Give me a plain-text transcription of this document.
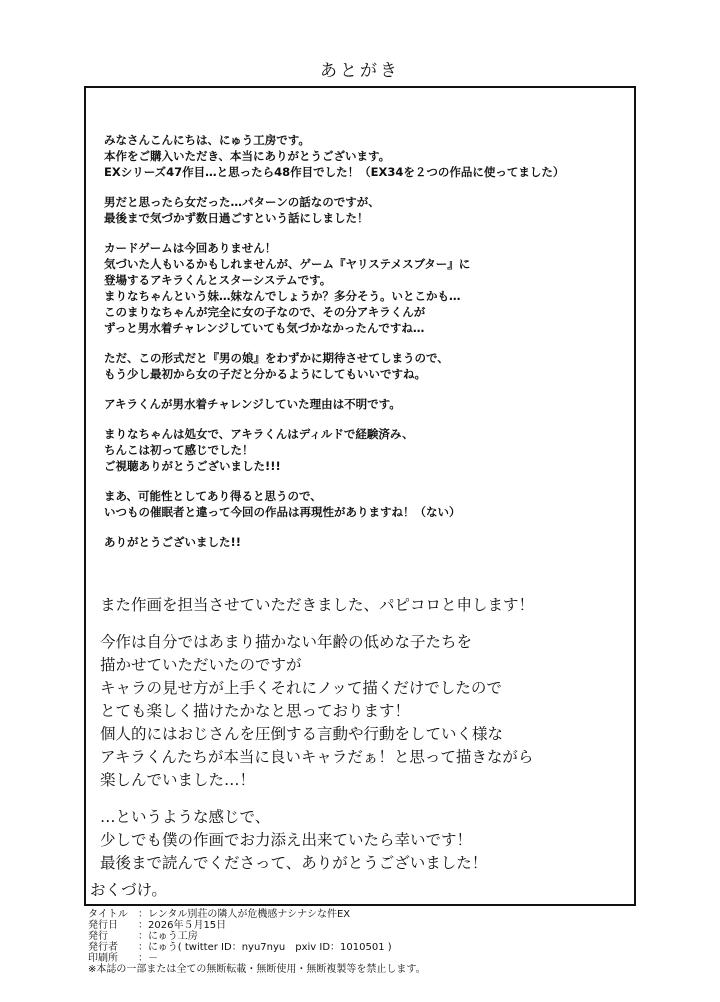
あとがき
みなさんこんにちは、にゅう工房です。
本作をご購入いただき、本当にありがとうございます。
EXシリーズ47作目…と思ったら48作目でした！（EX34を２つの作品に使ってました）
男だと思ったら女だった…パターンの話なのですが、
最後まで気づかず数日過ごすという話にしました！
カードゲームは今回ありません！
気づいた人もいるかもしれませんが、ゲーム『ヤリステメスブター』に
登場するアキラくんとスターシステムです。
まりなちゃんという妹…妹なんでしょうか？多分そう。いとこかも…
このまりなちゃんが完全に女の子なので、その分アキラくんが
ずっと男水着チャレンジしていても気づかなかったんですね…
ただ、この形式だと『男の娘』をわずかに期待させてしまうので、
もう少し最初から女の子だと分かるようにしてもいいですね。
アキラくんが男水着チャレンジしていた理由は不明です。
まりなちゃんは処女で、アキラくんはディルドで経験済み、
ちんこは初って感じでした！
ご視聴ありがとうございました!!!
まあ、可能性としてあり得ると思うので、
いつもの催眠者と違って今回の作品は再現性がありますね！（ない）
ありがとうございました!!
また作画を担当させていただきました、パピコロと申します！
今作は自分ではあまり描かない年齢の低めな子たちを
描かせていただいたのですが
キャラの見せ方が上手くそれにノッて描くだけでしたので
とても楽しく描けたかなと思っております！
個人的にはおじさんを圧倒する言動や行動をしていく様な
アキラくんたちが本当に良いキャラだぁ！と思って描きながら
楽しんでいました…！
…というような感じで、
少しでも僕の作画でお力添え出来ていたら幸いです！
最後まで読んでくださって、ありがとうございました！
おくづけ。
タイトル	： レンタル別荘の隣人が危機感ナシナシな件EX
発行日	： 2026年５月15日
発行	： にゅう工房
発行者	： にゅう( twitter ID：nyu7nyu　pxiv ID：1010501 )
印刷所	： －
※本誌の一部または全ての無断転載・無断使用・無断複製等を禁止します。
